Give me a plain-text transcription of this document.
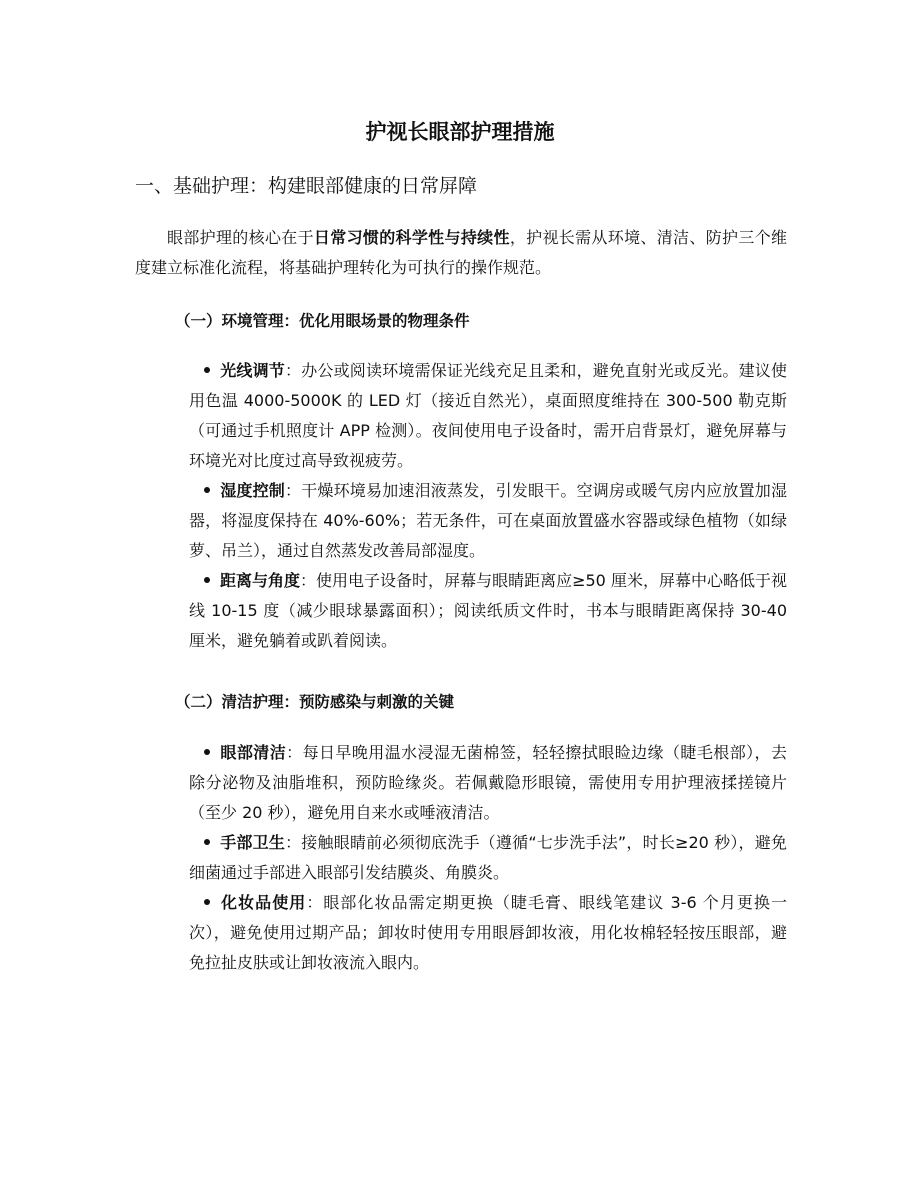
护视长眼部护理措施
一、基础护理：构建眼部健康的日常屏障

眼部护理的核心在于日常习惯的科学性与持续性，护视长需从环境、清洁、防护三个维度建立标准化流程，将基础护理转化为可执行的操作规范。

（一）环境管理：优化用眼场景的物理条件
光线调节：办公或阅读环境需保证光线充足且柔和，避免直射光或反光。建议使用色温 4000-5000K 的 LED 灯（接近自然光），桌面照度维持在 300-500 勒克斯（可通过手机照度计 APP 检测）。夜间使用电子设备时，需开启背景灯，避免屏幕与环境光对比度过高导致视疲劳。
湿度控制：干燥环境易加速泪液蒸发，引发眼干。空调房或暖气房内应放置加湿器，将湿度保持在 40%-60%；若无条件，可在桌面放置盛水容器或绿色植物（如绿萝、吊兰），通过自然蒸发改善局部湿度。
距离与角度：使用电子设备时，屏幕与眼睛距离应≥50 厘米，屏幕中心略低于视线 10-15 度（减少眼球暴露面积）；阅读纸质文件时，书本与眼睛距离保持 30-40 厘米，避免躺着或趴着阅读。
（二）清洁护理：预防感染与刺激的关键
眼部清洁：每日早晚用温水浸湿无菌棉签，轻轻擦拭眼睑边缘（睫毛根部），去除分泌物及油脂堆积，预防睑缘炎。若佩戴隐形眼镜，需使用专用护理液揉搓镜片（至少 20 秒），避免用自来水或唾液清洁。
手部卫生：接触眼睛前必须彻底洗手（遵循“七步洗手法”，时长≥20 秒），避免细菌通过手部进入眼部引发结膜炎、角膜炎。
化妆品使用：眼部化妆品需定期更换（睫毛膏、眼线笔建议 3-6 个月更换一次），避免使用过期产品；卸妆时使用专用眼唇卸妆液，用化妆棉轻轻按压眼部，避免拉扯皮肤或让卸妆液流入眼内。
